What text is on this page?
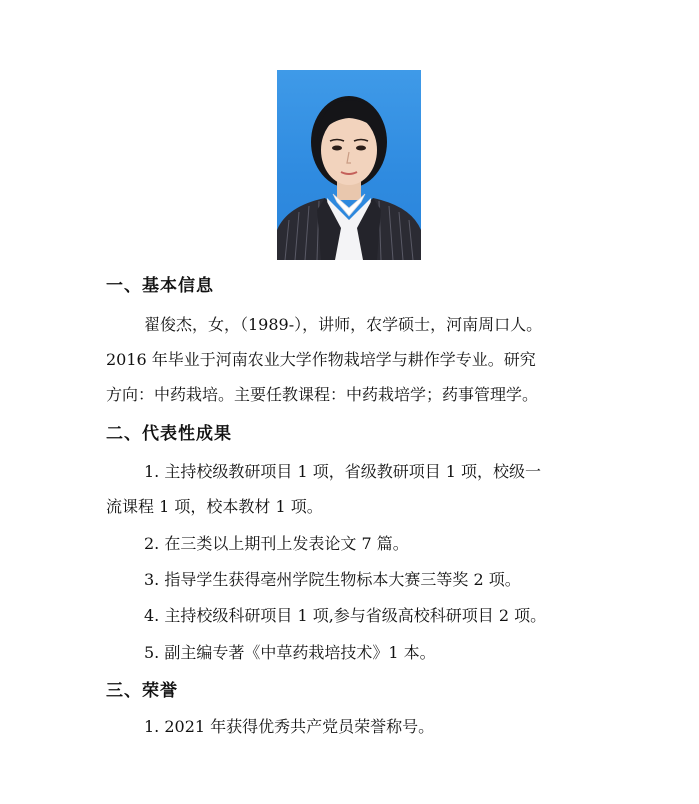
一、基本信息
翟俊杰，女，（1989-），讲师，农学硕士，河南周口人。
2016 年毕业于河南农业大学作物栽培学与耕作学专业。研究
方向：中药栽培。主要任教课程：中药栽培学；药事管理学。
二、代表性成果
1. 主持校级教研项目 1 项，省级教研项目 1 项，校级一
流课程 1 项，校本教材 1 项。
2. 在三类以上期刊上发表论文 7 篇。
3. 指导学生获得亳州学院生物标本大赛三等奖 2 项。
4. 主持校级科研项目 1 项,参与省级高校科研项目 2 项。
5. 副主编专著《中草药栽培技术》1 本。
三、荣誉
1. 2021 年获得优秀共产党员荣誉称号。
